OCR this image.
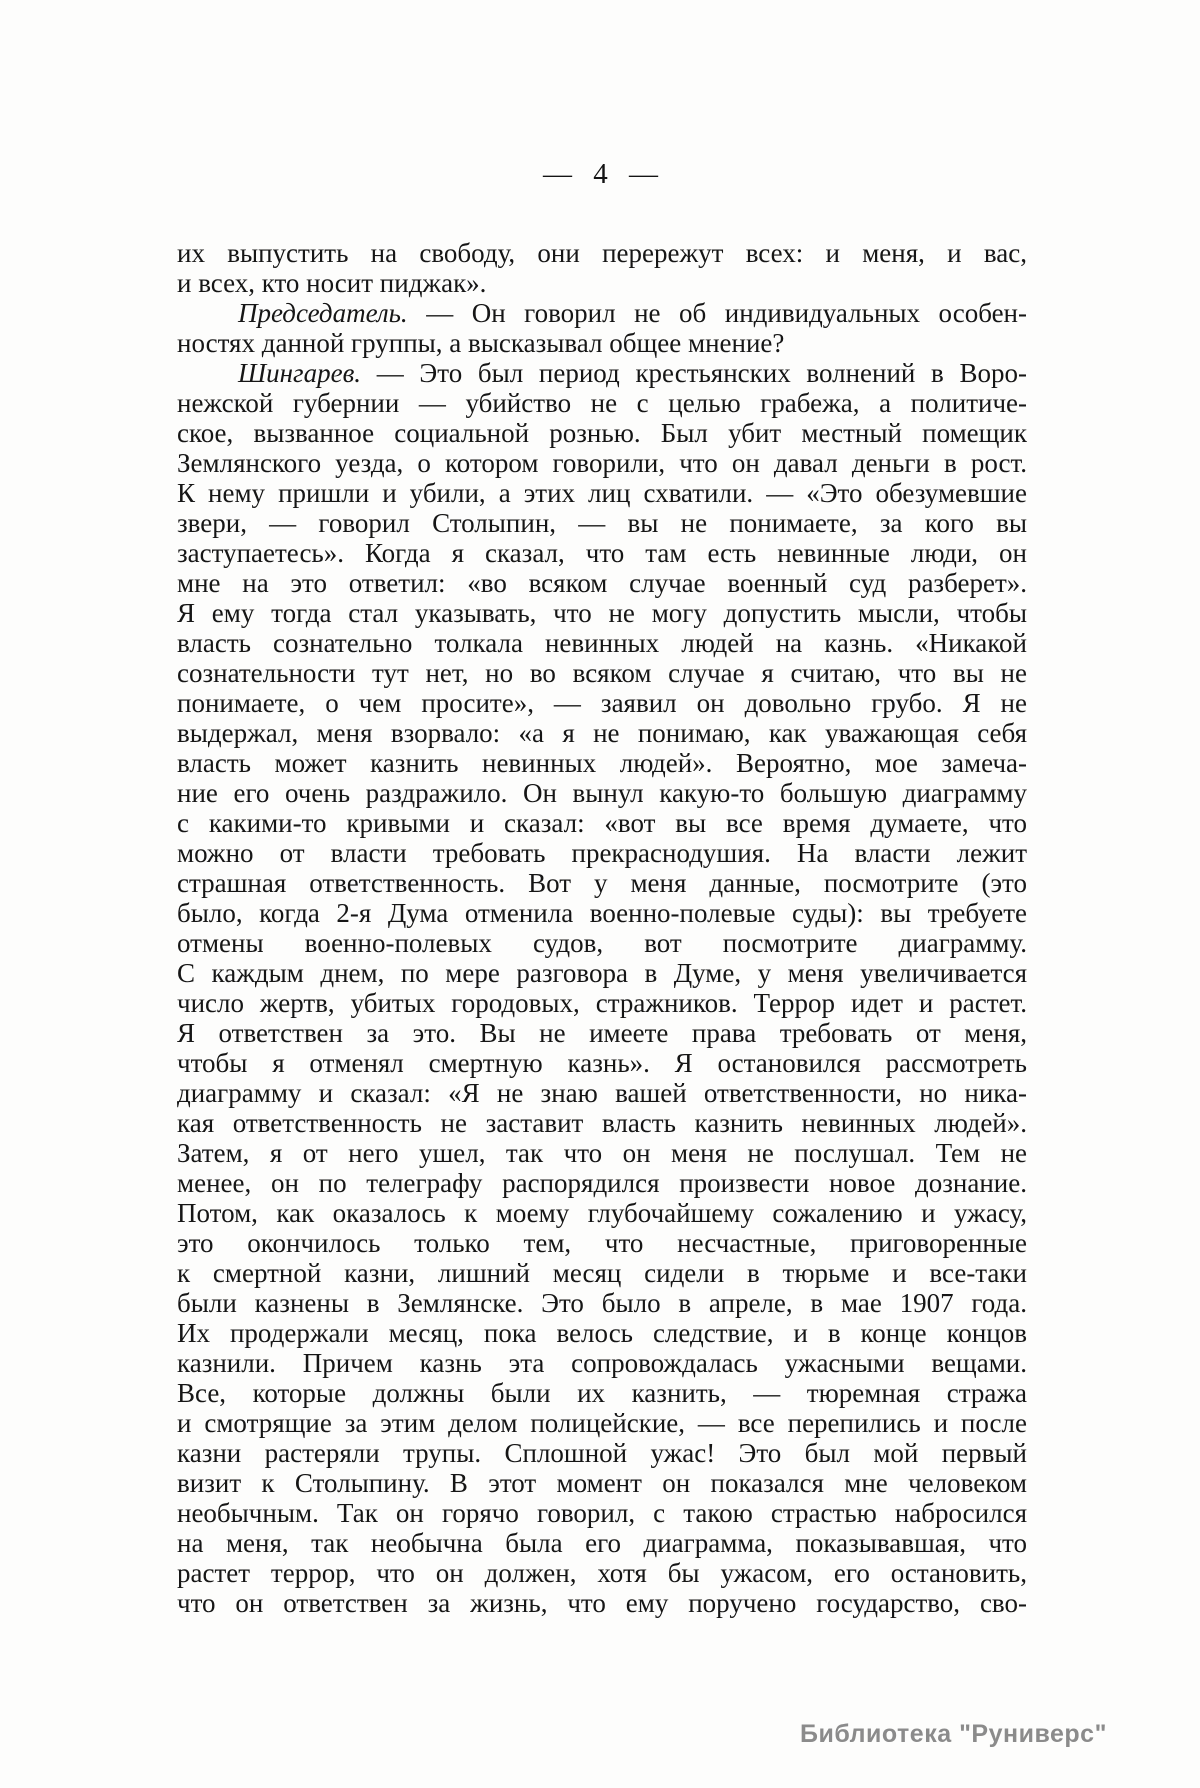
— 4 —
их выпустить на свободу, они перережут всех: и меня, и вас,
и всех, кто носит пиджак».
Председатель. — Он говорил не об индивидуальных особен-
ностях данной группы, а высказывал общее мнение?
Шингарев. — Это был период крестьянских волнений в Воро-
нежской губернии — убийство не с целью грабежа, а политиче-
ское, вызванное социальной рознью. Был убит местный помещик
Землянского уезда, о котором говорили, что он давал деньги в рост.
К нему пришли и убили, а этих лиц схватили. — «Это обезумевшие
звери, — говорил Столыпин, — вы не понимаете, за кого вы
заступаетесь». Когда я сказал, что там есть невинные люди, он
мне на это ответил: «во всяком случае военный суд разберет».
Я ему тогда стал указывать, что не могу допустить мысли, чтобы
власть сознательно толкала невинных людей на казнь. «Никакой
сознательности тут нет, но во всяком случае я считаю, что вы не
понимаете, о чем просите», — заявил он довольно грубо. Я не
выдержал, меня взорвало: «а я не понимаю, как уважающая себя
власть может казнить невинных людей». Вероятно, мое замеча-
ние его очень раздражило. Он вынул какую-то большую диаграмму
с какими-то кривыми и сказал: «вот вы все время думаете, что
можно от власти требовать прекраснодушия. На власти лежит
страшная ответственность. Вот у меня данные, посмотрите (это
было, когда 2-я Дума отменила военно-полевые суды): вы требуете
отмены военно-полевых судов, вот посмотрите диаграмму.
С каждым днем, по мере разговора в Думе, у меня увеличивается
число жертв, убитых городовых, стражников. Террор идет и растет.
Я ответствен за это. Вы не имеете права требовать от меня,
чтобы я отменял смертную казнь». Я остановился рассмотреть
диаграмму и сказал: «Я не знаю вашей ответственности, но ника-
кая ответственность не заставит власть казнить невинных людей».
Затем, я от него ушел, так что он меня не послушал. Тем не
менее, он по телеграфу распорядился произвести новое дознание.
Потом, как оказалось к моему глубочайшему сожалению и ужасу,
это окончилось только тем, что несчастные, приговоренные
к смертной казни, лишний месяц сидели в тюрьме и все-таки
были казнены в Землянске. Это было в апреле, в мае 1907 года.
Их продержали месяц, пока велось следствие, и в конце концов
казнили. Причем казнь эта сопровождалась ужасными вещами.
Все, которые должны были их казнить, — тюремная стража
и смотрящие за этим делом полицейские, — все перепились и после
казни растеряли трупы. Сплошной ужас! Это был мой первый
визит к Столыпину. В этот момент он показался мне человеком
необычным. Так он горячо говорил, с такою страстью набросился
на меня, так необычна была его диаграмма, показывавшая, что
растет террор, что он должен, хотя бы ужасом, его остановить,
что он ответствен за жизнь, что ему поручено государство, сво-
Библиотека "Руниверс"
